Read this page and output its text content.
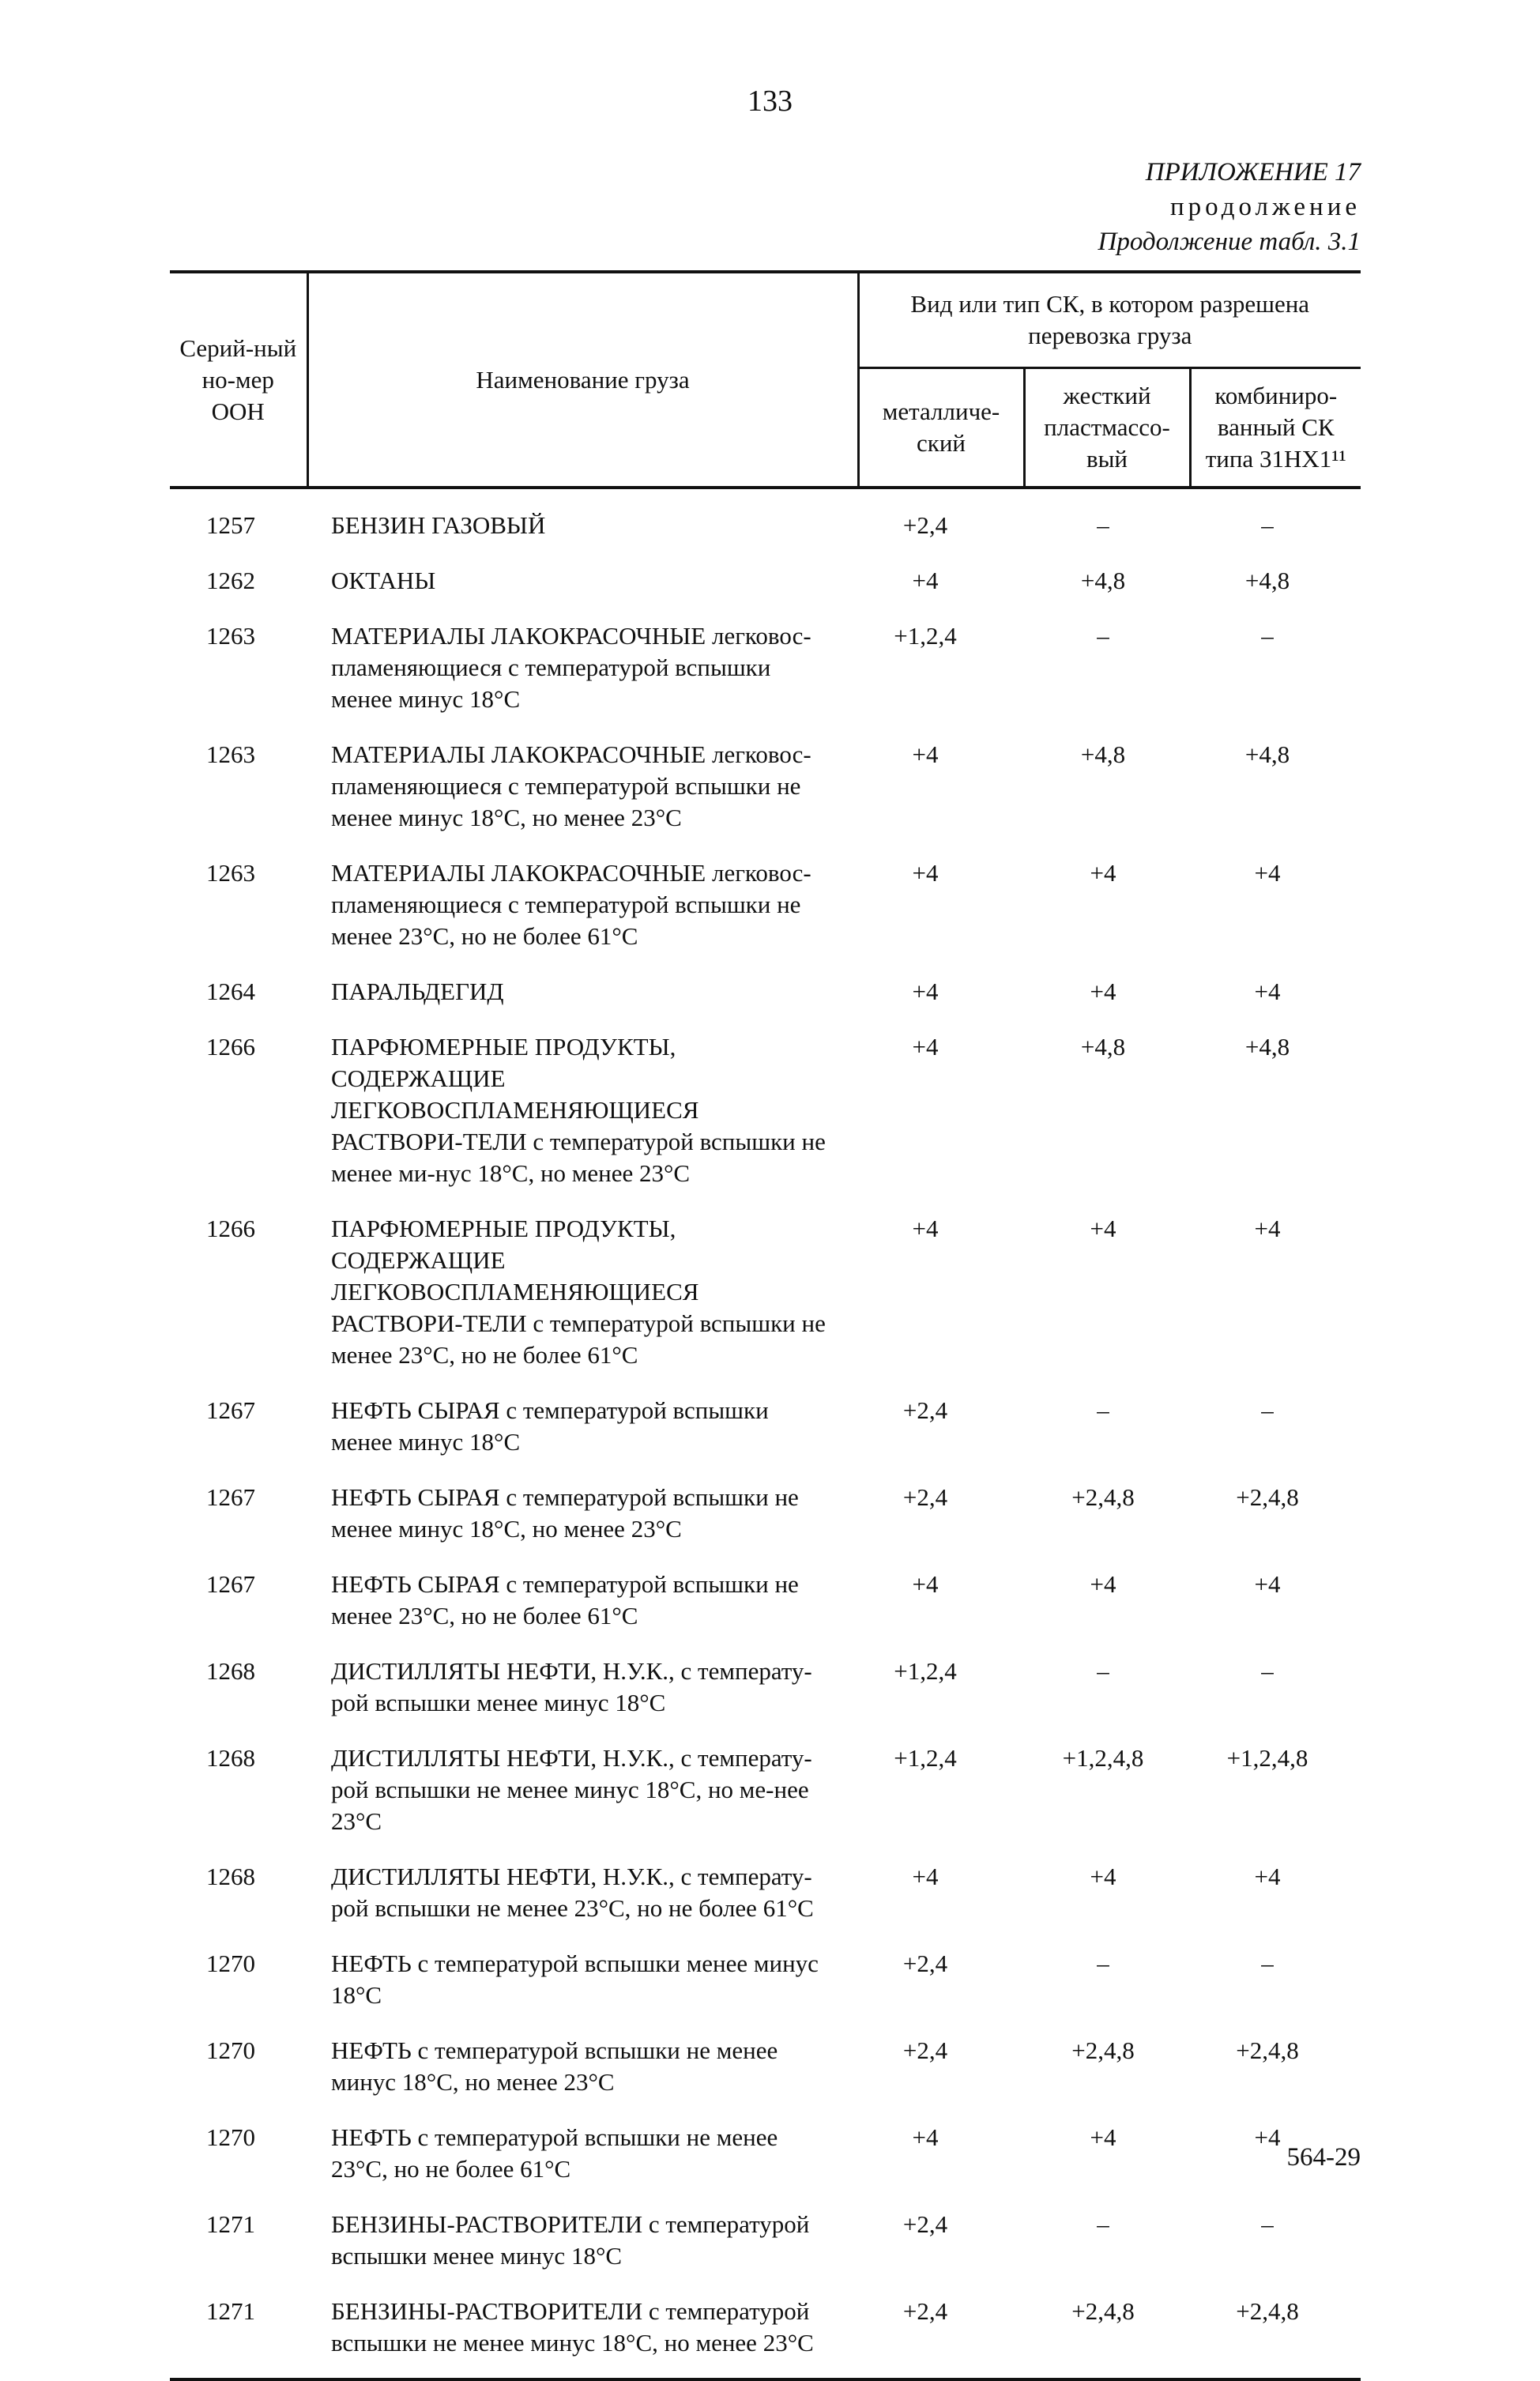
133
ПРИЛОЖЕНИЕ 17
продолжение
Продолжение табл. 3.1
Серий-ный но-мер ООН	Наименование груза	Вид или тип СК, в котором разрешена перевозка груза		
		металличе-ский	жесткий пластмассо-вый	комбиниро-ванный СК типа 31НХ1¹¹
1257	БЕНЗИН ГАЗОВЫЙ	+2,4	–	–
1262	ОКТАНЫ	+4	+4,8	+4,8
1263	МАТЕРИАЛЫ ЛАКОКРАСОЧНЫЕ легковос-пламеняющиеся с температурой вспышки менее минус 18°С	+1,2,4	–	–
1263	МАТЕРИАЛЫ ЛАКОКРАСОЧНЫЕ легковос-пламеняющиеся с температурой вспышки не менее минус 18°С, но менее 23°С	+4	+4,8	+4,8
1263	МАТЕРИАЛЫ ЛАКОКРАСОЧНЫЕ легковос-пламеняющиеся с температурой вспышки не менее 23°С, но не более 61°С	+4	+4	+4
1264	ПАРАЛЬДЕГИД	+4	+4	+4
1266	ПАРФЮМЕРНЫЕ ПРОДУКТЫ, СОДЕРЖАЩИЕ ЛЕГКОВОСПЛАМЕНЯЮЩИЕСЯ РАСТВОРИ-ТЕЛИ с температурой вспышки не менее ми-нус 18°С, но менее 23°С	+4	+4,8	+4,8
1266	ПАРФЮМЕРНЫЕ ПРОДУКТЫ, СОДЕРЖАЩИЕ ЛЕГКОВОСПЛАМЕНЯЮЩИЕСЯ РАСТВОРИ-ТЕЛИ с температурой вспышки не менее 23°С, но не более 61°С	+4	+4	+4
1267	НЕФТЬ СЫРАЯ с температурой вспышки менее минус 18°С	+2,4	–	–
1267	НЕФТЬ СЫРАЯ с температурой вспышки не менее минус 18°С, но менее 23°С	+2,4	+2,4,8	+2,4,8
1267	НЕФТЬ СЫРАЯ с температурой вспышки не менее 23°С, но не более 61°С	+4	+4	+4
1268	ДИСТИЛЛЯТЫ НЕФТИ, Н.У.К., с температу-рой вспышки менее минус 18°С	+1,2,4	–	–
1268	ДИСТИЛЛЯТЫ НЕФТИ, Н.У.К., с температу-рой вспышки не менее минус 18°С, но ме-нее 23°С	+1,2,4	+1,2,4,8	+1,2,4,8
1268	ДИСТИЛЛЯТЫ НЕФТИ, Н.У.К., с температу-рой вспышки не менее 23°С, но не более 61°С	+4	+4	+4
1270	НЕФТЬ с температурой вспышки менее минус 18°С	+2,4	–	–
1270	НЕФТЬ с температурой вспышки не менее минус 18°С, но менее 23°С	+2,4	+2,4,8	+2,4,8
1270	НЕФТЬ с температурой вспышки не менее 23°С, но не более 61°С	+4	+4	+4
1271	БЕНЗИНЫ-РАСТВОРИТЕЛИ с температурой вспышки менее минус 18°С	+2,4	–	–
1271	БЕНЗИНЫ-РАСТВОРИТЕЛИ с температурой вспышки не менее минус 18°С, но менее 23°С	+2,4	+2,4,8	+2,4,8
564-29
